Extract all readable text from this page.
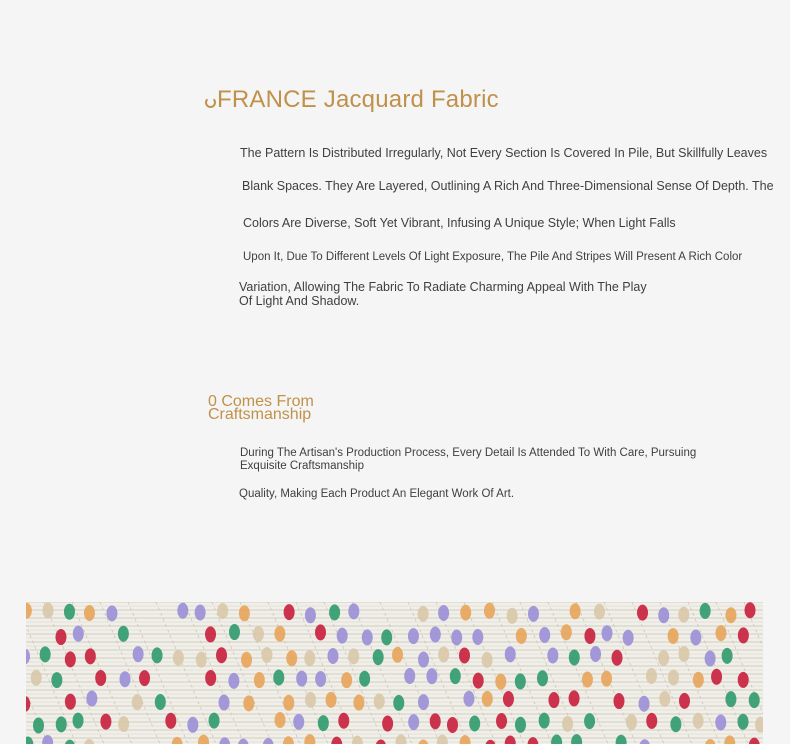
FRANCE Jacquard Fabric
The Pattern Is Distributed Irregularly, Not Every Section Is Covered In Pile, But Skillfully Leaves
Blank Spaces. They Are Layered, Outlining A Rich And Three-Dimensional Sense Of Depth. The
Colors Are Diverse, Soft Yet Vibrant, Infusing A Unique Style; When Light Falls
Upon It, Due To Different Levels Of Light Exposure, The Pile And Stripes Will Present A Rich Color
Variation, Allowing The Fabric To Radiate Charming Appeal With The Play Of Light And Shadow.
0 Comes From Craftsmanship
During The Artisan's Production Process, Every Detail Is Attended To With Care, Pursuing Exquisite Craftsmanship
Quality, Making Each Product An Elegant Work Of Art.
